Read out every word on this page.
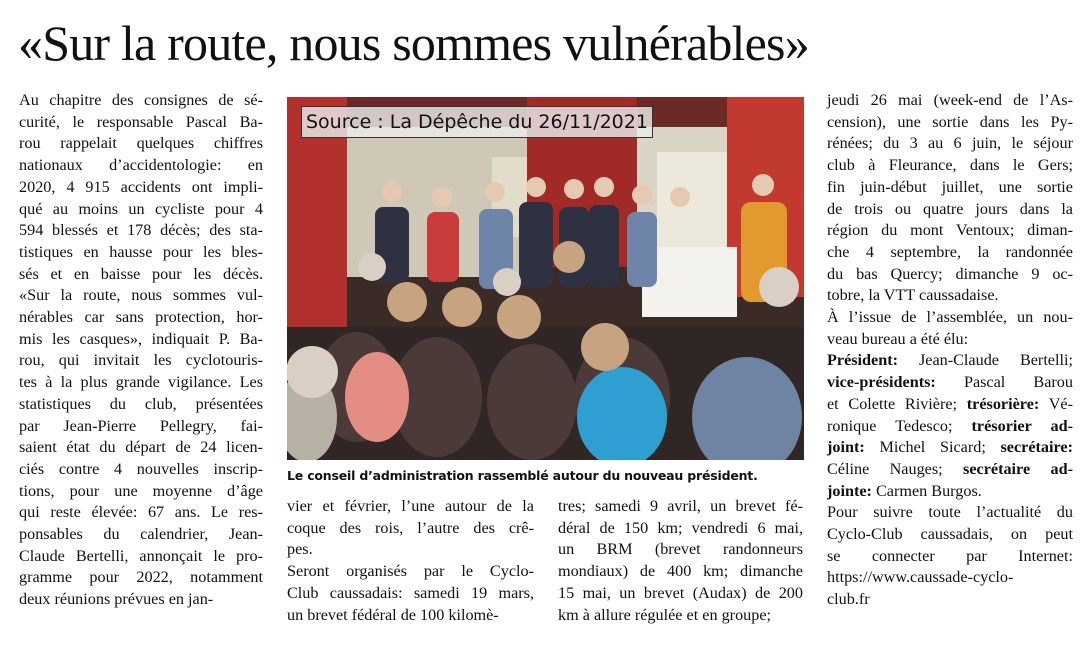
«Sur la route, nous sommes vulnérables»

Au chapitre des consignes de sé-

curité, le responsable Pascal Ba-

rou rappelait quelques chiffres

nationaux d’accidentologie: en

2020, 4 915 accidents ont impli-

qué au moins un cycliste pour 4

594 blessés et 178 décès; des sta-

tistiques en hausse pour les bles-

sés et en baisse pour les décès.

«Sur la route, nous sommes vul-

nérables car sans protection, hor-

mis les casques», indiquait P. Ba-

rou, qui invitait les cyclotouris-

tes à la plus grande vigilance. Les

statistiques du club, présentées

par Jean-Pierre Pellegry, fai-

saient état du départ de 24 licen-

ciés contre 4 nouvelles inscrip-

tions, pour une moyenne d’âge

qui reste élevée: 67 ans. Le res-

ponsables du calendrier, Jean-

Claude Bertelli, annonçait le pro-

gramme pour 2022, notamment

deux réunions prévues en jan-

Source : La Dépêche du 26/11/2021
Le conseil d’administration rassemblé autour du nouveau président.

vier et février, l’une autour de la

coque des rois, l’autre des crê-

pes.

Seront organisés par le Cyclo-

Club caussadais: samedi 19 mars,

un brevet fédéral de 100 kilomè-

tres; samedi 9 avril, un brevet fé-

déral de 150 km; vendredi 6 mai,

un BRM (brevet randonneurs

mondiaux) de 400 km; dimanche

15 mai, un brevet (Audax) de 200

km à allure régulée et en groupe;

jeudi 26 mai (week-end de l’As-

cension), une sortie dans les Py-

rénées; du 3 au 6 juin, le séjour

club à Fleurance, dans le Gers;

fin juin-début juillet, une sortie

de trois ou quatre jours dans la

région du mont Ventoux; diman-

che 4 septembre, la randonnée

du bas Quercy; dimanche 9 oc-

tobre, la VTT caussadaise.

À l’issue de l’assemblée, un nou-

veau bureau a été élu:

Président: Jean-Claude Bertelli;

vice-présidents: Pascal Barou

et Colette Rivière; trésorière: Vé-

ronique Tedesco; trésorier ad-

joint: Michel Sicard; secrétaire:

Céline Nauges; secrétaire ad-

jointe: Carmen Burgos.

Pour suivre toute l’actualité du

Cyclo-Club caussadais, on peut

se connecter par Internet:

https://www.caussade-cyclo-

club.fr
